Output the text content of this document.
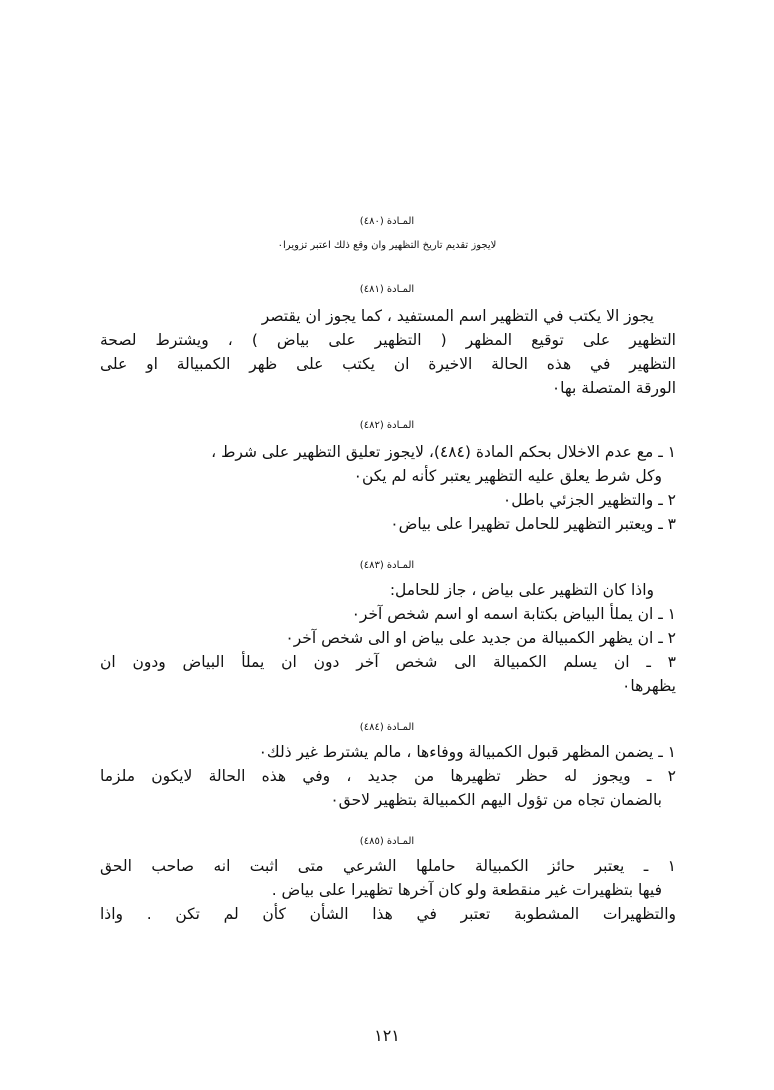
المـادة (٤٨٠)
لايجوز تقديم تاريخ التظهير وان وقع ذلك اعتبر تزويرا٠
المـادة (٤٨١)
يجوز الا يكتب في التظهير اسم المستفيد ، كما يجوز ان يقتصر
التظهير على توقيع المظهر ( التظهير على بياض ) ، ويشترط لصحة
التظهير في هذه الحالة الاخيرة ان يكتب على ظهر الكمبيالة او على
الورقة المتصلة بها٠
المـادة (٤٨٢)
١ ـ مع عدم الاخلال بحكم المادة (٤٨٤)، لايجوز تعليق التظهير على شرط ،
وكل شرط يعلق عليه التظهير يعتبر كأنه لم يكن٠
٢ ـ والتظهير الجزئي باطل٠
٣ ـ ويعتبر التظهير للحامل تظهيرا على بياض٠
المـادة (٤٨٣)
واذا كان التظهير على بياض ، جاز للحامل:
١ ـ ان يملأ البياض بكتابة اسمه او اسم شخص آخر٠
٢ ـ ان يظهر الكمبيالة من جديد على بياض او الى شخص آخر٠
٣ ـ ان يسلم الكمبيالة الى شخص آخر دون ان يملأ البياض ودون ان
يظهرها٠
المـادة (٤٨٤)
١ ـ يضمن المظهر قبول الكمبيالة ووفاءها ، مالم يشترط غير ذلك٠
٢ ـ ويجوز له حظر تظهيرها من جديد ، وفي هذه الحالة لايكون ملزما
بالضمان تجاه من تؤول اليهم الكمبيالة بتظهير لاحق٠
المـادة (٤٨٥)
١ ـ يعتبر حائز الكمبيالة حاملها الشرعي متى اثبت انه صاحب الحق
فيها بتظهيرات غير منقطعة ولو كان آخرها تظهيرا على بياض .
والتظهيرات المشطوبة تعتبر في هذا الشأن كأن لم تكن . واذا
١٢١
